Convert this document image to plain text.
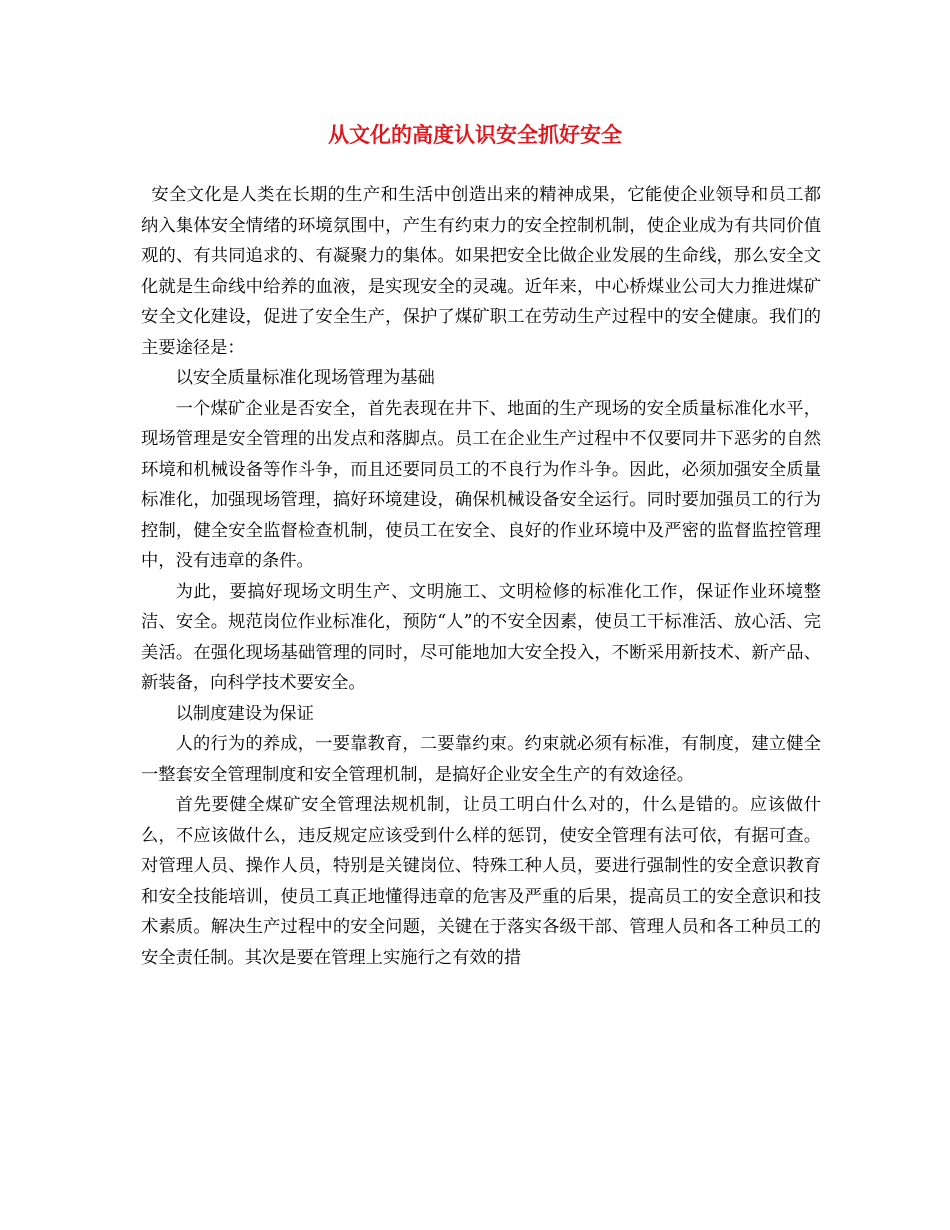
从文化的高度认识安全抓好安全

安全文化是人类在长期的生产和生活中创造出来的精神成果，它能使企业领导和员工都纳入集体安全情绪的环境氛围中，产生有约束力的安全控制机制，使企业成为有共同价值观的、有共同追求的、有凝聚力的集体。如果把安全比做企业发展的生命线，那么安全文化就是生命线中给养的血液，是实现安全的灵魂。近年来，中心桥煤业公司大力推进煤矿安全文化建设，促进了安全生产，保护了煤矿职工在劳动生产过程中的安全健康。我们的主要途径是：

以安全质量标准化现场管理为基础

一个煤矿企业是否安全，首先表现在井下、地面的生产现场的安全质量标准化水平，现场管理是安全管理的出发点和落脚点。员工在企业生产过程中不仅要同井下恶劣的自然环境和机械设备等作斗争，而且还要同员工的不良行为作斗争。因此，必须加强安全质量标准化，加强现场管理，搞好环境建设，确保机械设备安全运行。同时要加强员工的行为控制，健全安全监督检查机制，使员工在安全、良好的作业环境中及严密的监督监控管理中，没有违章的条件。

为此，要搞好现场文明生产、文明施工、文明检修的标准化工作，保证作业环境整洁、安全。规范岗位作业标准化，预防“人”的不安全因素，使员工干标准活、放心活、完美活。在强化现场基础管理的同时，尽可能地加大安全投入，不断采用新技术、新产品、新装备，向科学技术要安全。

以制度建设为保证

人的行为的养成，一要靠教育，二要靠约束。约束就必须有标准，有制度，建立健全一整套安全管理制度和安全管理机制，是搞好企业安全生产的有效途径。

首先要健全煤矿安全管理法规机制，让员工明白什么对的，什么是错的。应该做什么，不应该做什么，违反规定应该受到什么样的惩罚，使安全管理有法可依，有据可查。对管理人员、操作人员，特别是关键岗位、特殊工种人员，要进行强制性的安全意识教育和安全技能培训，使员工真正地懂得违章的危害及严重的后果，提高员工的安全意识和技术素质。解决生产过程中的安全问题，关键在于落实各级干部、管理人员和各工种员工的安全责任制。其次是要在管理上实施行之有效的措
